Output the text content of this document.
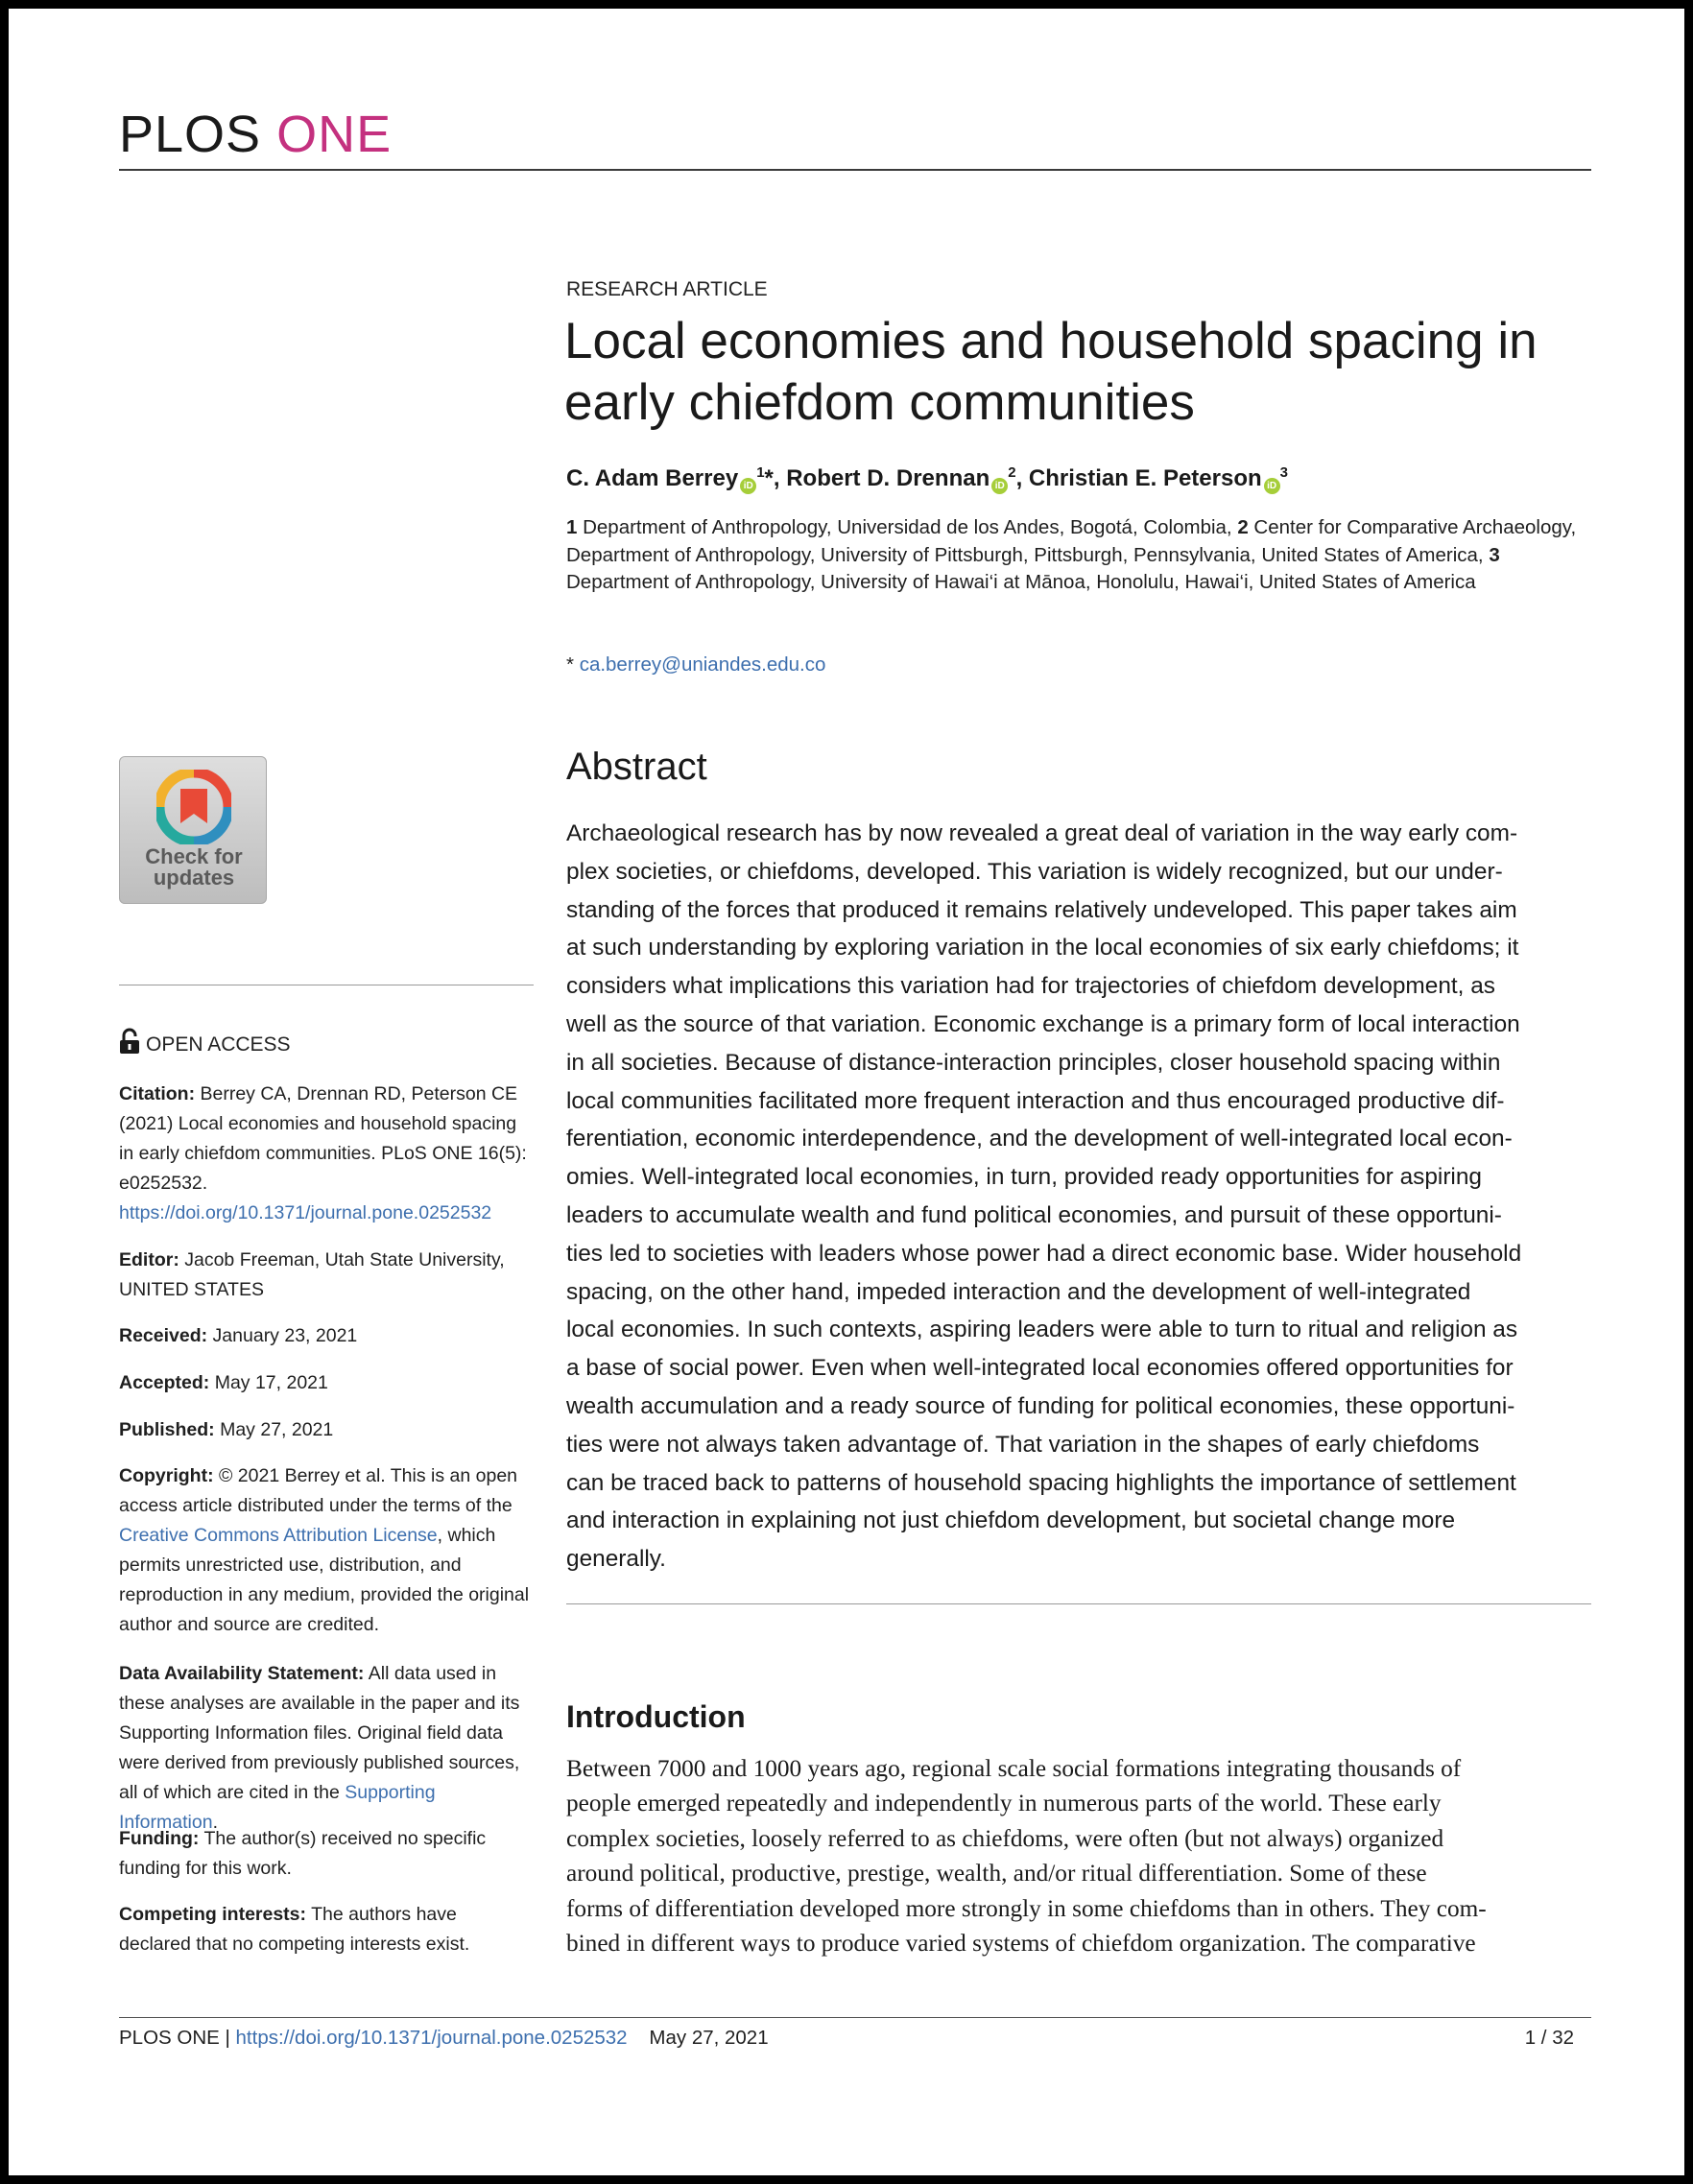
PLOS ONE
RESEARCH ARTICLE
Local economies and household spacing in
early chiefdom communities
C. Adam Berrey $iD^1*$, Robert D. Drennan $iD^2$, Christian E. Peterson $iD^3$
1 Department of Anthropology, Universidad de los Andes, Bogotá, Colombia, 2 Center for Comparative Archaeology, Department of Anthropology, University of Pittsburgh, Pittsburgh, Pennsylvania, United States of America, 3 Department of Anthropology, University of Hawai‘i at Mānoa, Honolulu, Hawai‘i, United States of America
* ca.berrey@uniandes.edu.co
Check for
updates
OPEN ACCESS
Citation: Berrey CA, Drennan RD, Peterson CE (2021) Local economies and household spacing in early chiefdom communities. PLoS ONE 16(5): e0252532. https://doi.org/10.1371/journal.pone.0252532
Editor: Jacob Freeman, Utah State University, UNITED STATES
Received: January 23, 2021
Accepted: May 17, 2021
Published: May 27, 2021
Copyright: © 2021 Berrey et al. This is an open access article distributed under the terms of the Creative Commons Attribution License, which permits unrestricted use, distribution, and reproduction in any medium, provided the original author and source are credited.
Data Availability Statement: All data used in these analyses are available in the paper and its Supporting Information files. Original field data were derived from previously published sources, all of which are cited in the Supporting Information.
Funding: The author(s) received no specific funding for this work.
Competing interests: The authors have declared that no competing interests exist.
Abstract
Archaeological research has by now revealed a great deal of variation in the way early com-
plex societies, or chiefdoms, developed. This variation is widely recognized, but our under-
standing of the forces that produced it remains relatively undeveloped. This paper takes aim
at such understanding by exploring variation in the local economies of six early chiefdoms; it
considers what implications this variation had for trajectories of chiefdom development, as
well as the source of that variation. Economic exchange is a primary form of local interaction
in all societies. Because of distance-interaction principles, closer household spacing within
local communities facilitated more frequent interaction and thus encouraged productive dif-
ferentiation, economic interdependence, and the development of well-integrated local econ-
omies. Well-integrated local economies, in turn, provided ready opportunities for aspiring
leaders to accumulate wealth and fund political economies, and pursuit of these opportuni-
ties led to societies with leaders whose power had a direct economic base. Wider household
spacing, on the other hand, impeded interaction and the development of well-integrated
local economies. In such contexts, aspiring leaders were able to turn to ritual and religion as
a base of social power. Even when well-integrated local economies offered opportunities for
wealth accumulation and a ready source of funding for political economies, these opportuni-
ties were not always taken advantage of. That variation in the shapes of early chiefdoms
can be traced back to patterns of household spacing highlights the importance of settlement
and interaction in explaining not just chiefdom development, but societal change more
generally.
Introduction
Between 7000 and 1000 years ago, regional scale social formations integrating thousands of
people emerged repeatedly and independently in numerous parts of the world. These early
complex societies, loosely referred to as chiefdoms, were often (but not always) organized
around political, productive, prestige, wealth, and/or ritual differentiation. Some of these
forms of differentiation developed more strongly in some chiefdoms than in others. They com-
bined in different ways to produce varied systems of chiefdom organization. The comparative
PLOS ONE | https://doi.org/10.1371/journal.pone.0252532 May 27, 2021	1 / 32
